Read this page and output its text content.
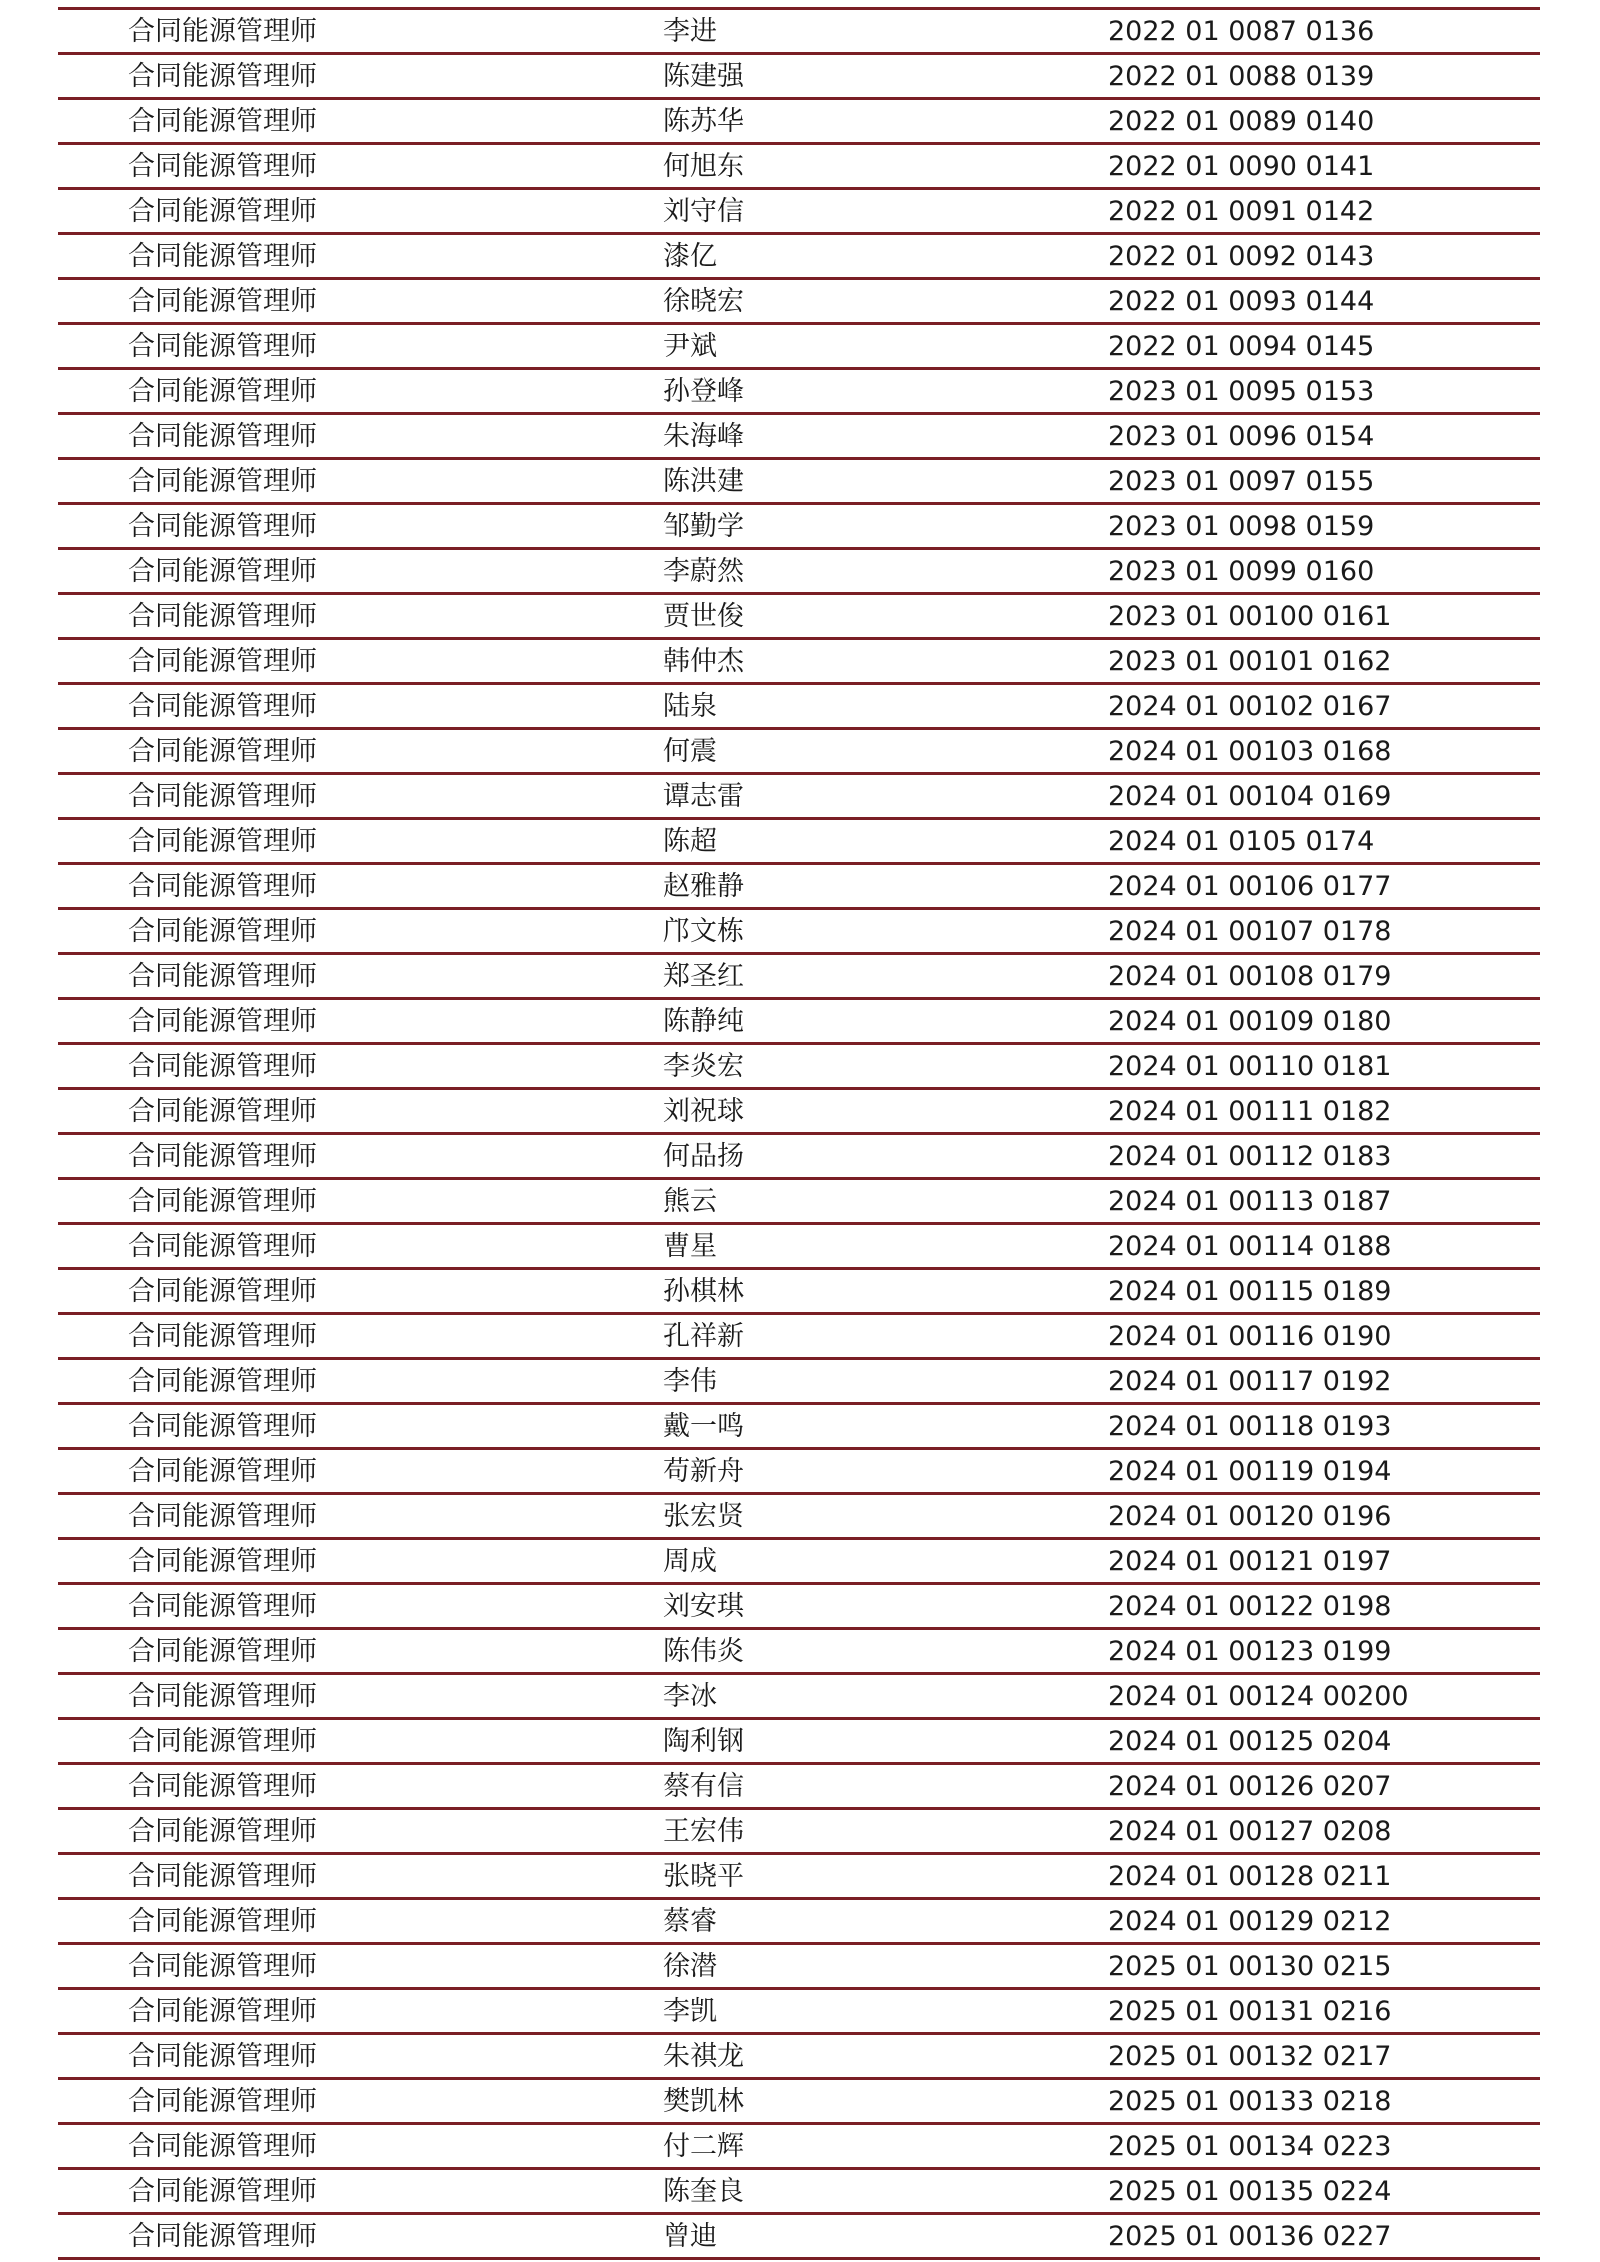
合同能源管理师	李进	2022 01 0087 0136
合同能源管理师	陈建强	2022 01 0088 0139
合同能源管理师	陈苏华	2022 01 0089 0140
合同能源管理师	何旭东	2022 01 0090 0141
合同能源管理师	刘守信	2022 01 0091 0142
合同能源管理师	漆亿	2022 01 0092 0143
合同能源管理师	徐晓宏	2022 01 0093 0144
合同能源管理师	尹斌	2022 01 0094 0145
合同能源管理师	孙登峰	2023 01 0095 0153
合同能源管理师	朱海峰	2023 01 0096 0154
合同能源管理师	陈洪建	2023 01 0097 0155
合同能源管理师	邹勤学	2023 01 0098 0159
合同能源管理师	李蔚然	2023 01 0099 0160
合同能源管理师	贾世俊	2023 01 00100 0161
合同能源管理师	韩仲杰	2023 01 00101 0162
合同能源管理师	陆泉	2024 01 00102 0167
合同能源管理师	何震	2024 01 00103 0168
合同能源管理师	谭志雷	2024 01 00104 0169
合同能源管理师	陈超	2024 01 0105 0174
合同能源管理师	赵雅静	2024 01 00106 0177
合同能源管理师	邝文栋	2024 01 00107 0178
合同能源管理师	郑圣红	2024 01 00108 0179
合同能源管理师	陈静纯	2024 01 00109 0180
合同能源管理师	李炎宏	2024 01 00110 0181
合同能源管理师	刘祝球	2024 01 00111 0182
合同能源管理师	何品扬	2024 01 00112 0183
合同能源管理师	熊云	2024 01 00113 0187
合同能源管理师	曹星	2024 01 00114 0188
合同能源管理师	孙棋林	2024 01 00115 0189
合同能源管理师	孔祥新	2024 01 00116 0190
合同能源管理师	李伟	2024 01 00117 0192
合同能源管理师	戴一鸣	2024 01 00118 0193
合同能源管理师	苟新舟	2024 01 00119 0194
合同能源管理师	张宏贤	2024 01 00120 0196
合同能源管理师	周成	2024 01 00121 0197
合同能源管理师	刘安琪	2024 01 00122 0198
合同能源管理师	陈伟炎	2024 01 00123 0199
合同能源管理师	李冰	2024 01 00124 00200
合同能源管理师	陶利钢	2024 01 00125 0204
合同能源管理师	蔡有信	2024 01 00126 0207
合同能源管理师	王宏伟	2024 01 00127 0208
合同能源管理师	张晓平	2024 01 00128 0211
合同能源管理师	蔡睿	2024 01 00129 0212
合同能源管理师	徐潜	2025 01 00130 0215
合同能源管理师	李凯	2025 01 00131 0216
合同能源管理师	朱祺龙	2025 01 00132 0217
合同能源管理师	樊凯林	2025 01 00133 0218
合同能源管理师	付二辉	2025 01 00134 0223
合同能源管理师	陈奎良	2025 01 00135 0224
合同能源管理师	曾迪	2025 01 00136 0227
